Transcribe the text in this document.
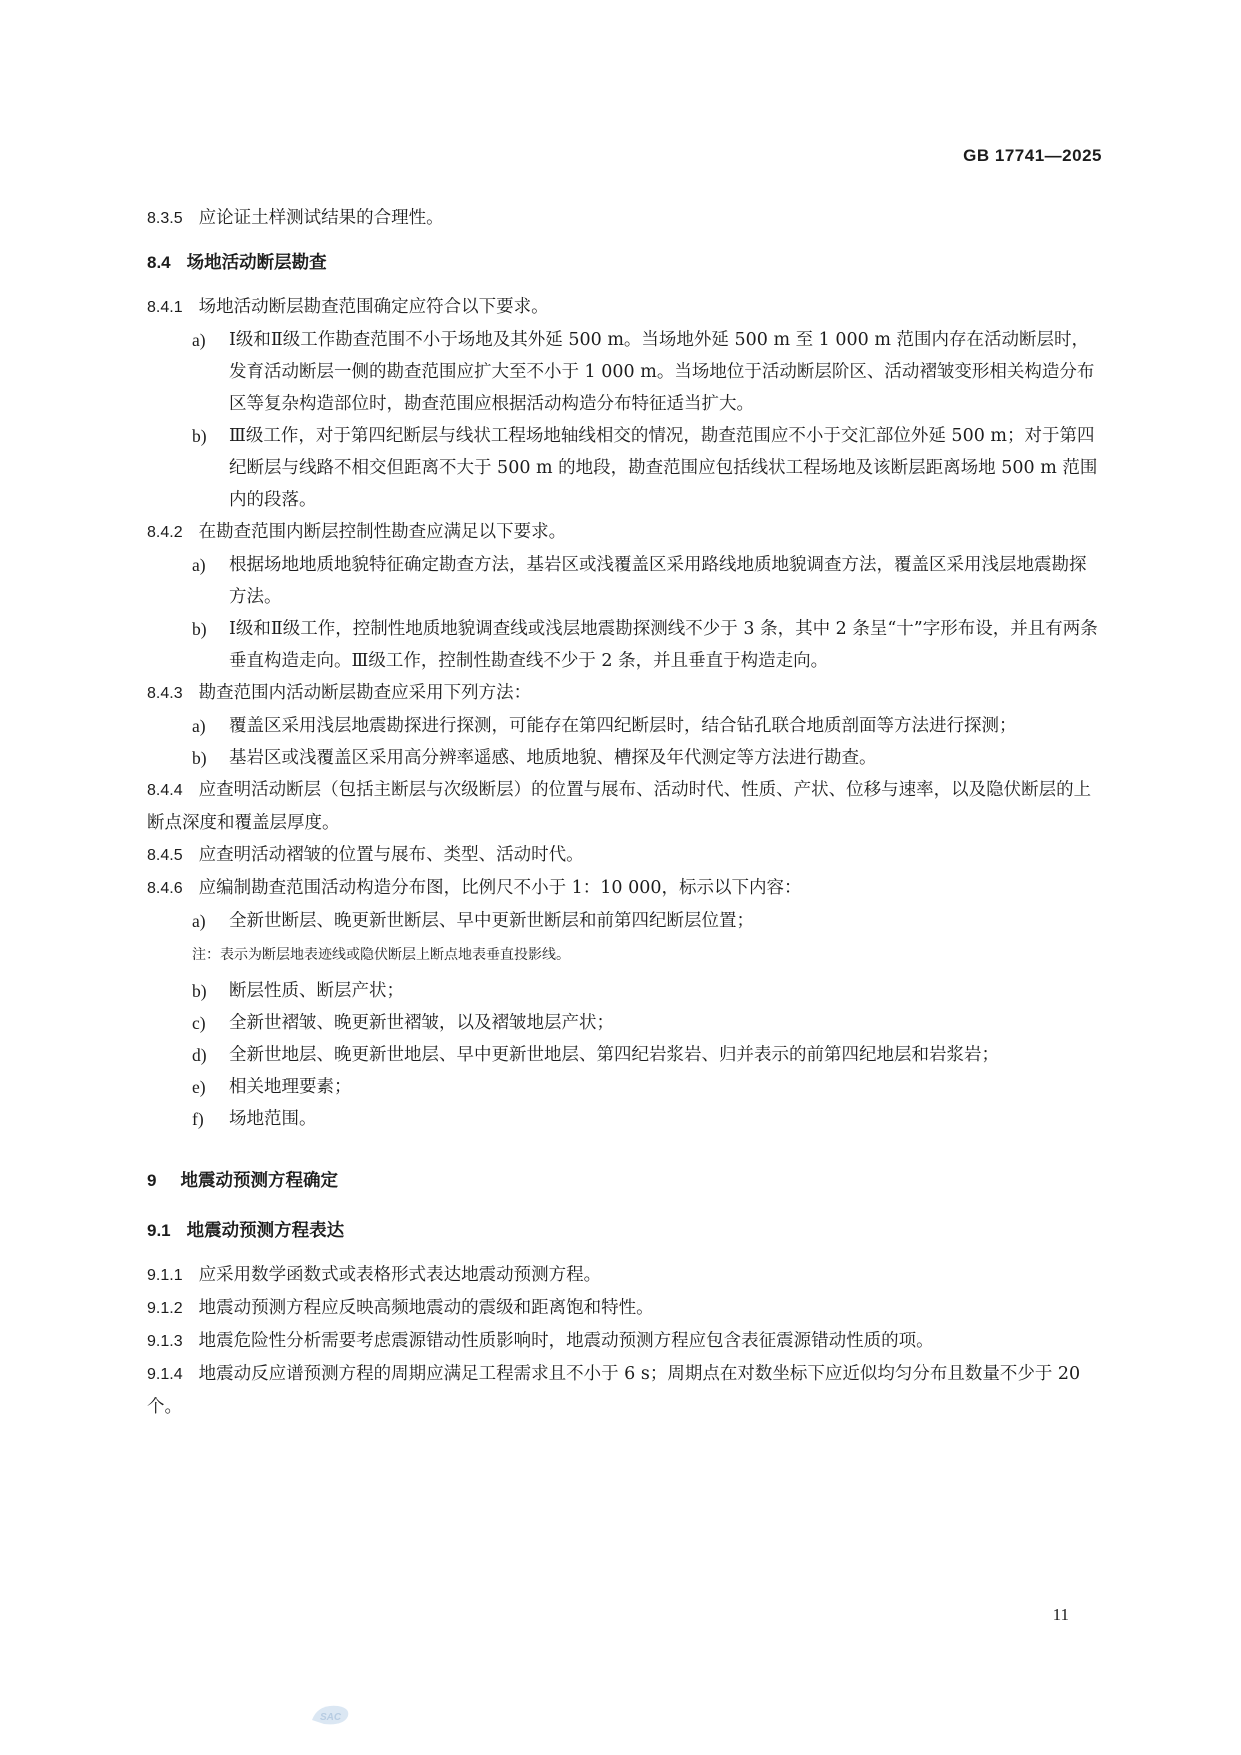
GB 17741—2025

8.3.5 应论证土样测试结果的合理性。

8.4 场地活动断层勘查

8.4.1 场地活动断层勘查范围确定应符合以下要求。

a) Ⅰ级和Ⅱ级工作勘查范围不小于场地及其外延 500 m。当场地外延 500 m 至 1 000 m 范围内存在活动断层时，发育活动断层一侧的勘查范围应扩大至不小于 1 000 m。当场地位于活动断层阶区、活动褶皱变形相关构造分布区等复杂构造部位时，勘查范围应根据活动构造分布特征适当扩大。

b) Ⅲ级工作，对于第四纪断层与线状工程场地轴线相交的情况，勘查范围应不小于交汇部位外延 500 m；对于第四纪断层与线路不相交但距离不大于 500 m 的地段，勘查范围应包括线状工程场地及该断层距离场地 500 m 范围内的段落。

8.4.2 在勘查范围内断层控制性勘查应满足以下要求。

a) 根据场地地质地貌特征确定勘查方法，基岩区或浅覆盖区采用路线地质地貌调查方法，覆盖区采用浅层地震勘探方法。

b) Ⅰ级和Ⅱ级工作，控制性地质地貌调查线或浅层地震勘探测线不少于 3 条，其中 2 条呈“十”字形布设，并且有两条垂直构造走向。Ⅲ级工作，控制性勘查线不少于 2 条，并且垂直于构造走向。

8.4.3 勘查范围内活动断层勘查应采用下列方法：

a) 覆盖区采用浅层地震勘探进行探测，可能存在第四纪断层时，结合钻孔联合地质剖面等方法进行探测；

b) 基岩区或浅覆盖区采用高分辨率遥感、地质地貌、槽探及年代测定等方法进行勘查。

8.4.4 应查明活动断层（包括主断层与次级断层）的位置与展布、活动时代、性质、产状、位移与速率，以及隐伏断层的上断点深度和覆盖层厚度。

8.4.5 应查明活动褶皱的位置与展布、类型、活动时代。

8.4.6 应编制勘查范围活动构造分布图，比例尺不小于 1：10 000，标示以下内容：

a) 全新世断层、晚更新世断层、早中更新世断层和前第四纪断层位置；

注：表示为断层地表迹线或隐伏断层上断点地表垂直投影线。

b) 断层性质、断层产状；

c) 全新世褶皱、晚更新世褶皱，以及褶皱地层产状；

d) 全新世地层、晚更新世地层、早中更新世地层、第四纪岩浆岩、归并表示的前第四纪地层和岩浆岩；

e) 相关地理要素；

f) 场地范围。

9 地震动预测方程确定

9.1 地震动预测方程表达

9.1.1 应采用数学函数式或表格形式表达地震动预测方程。

9.1.2 地震动预测方程应反映高频地震动的震级和距离饱和特性。

9.1.3 地震危险性分析需要考虑震源错动性质影响时，地震动预测方程应包含表征震源错动性质的项。

9.1.4 地震动反应谱预测方程的周期应满足工程需求且不小于 6 s；周期点在对数坐标下应近似均匀分布且数量不少于 20 个。

11
SAC
